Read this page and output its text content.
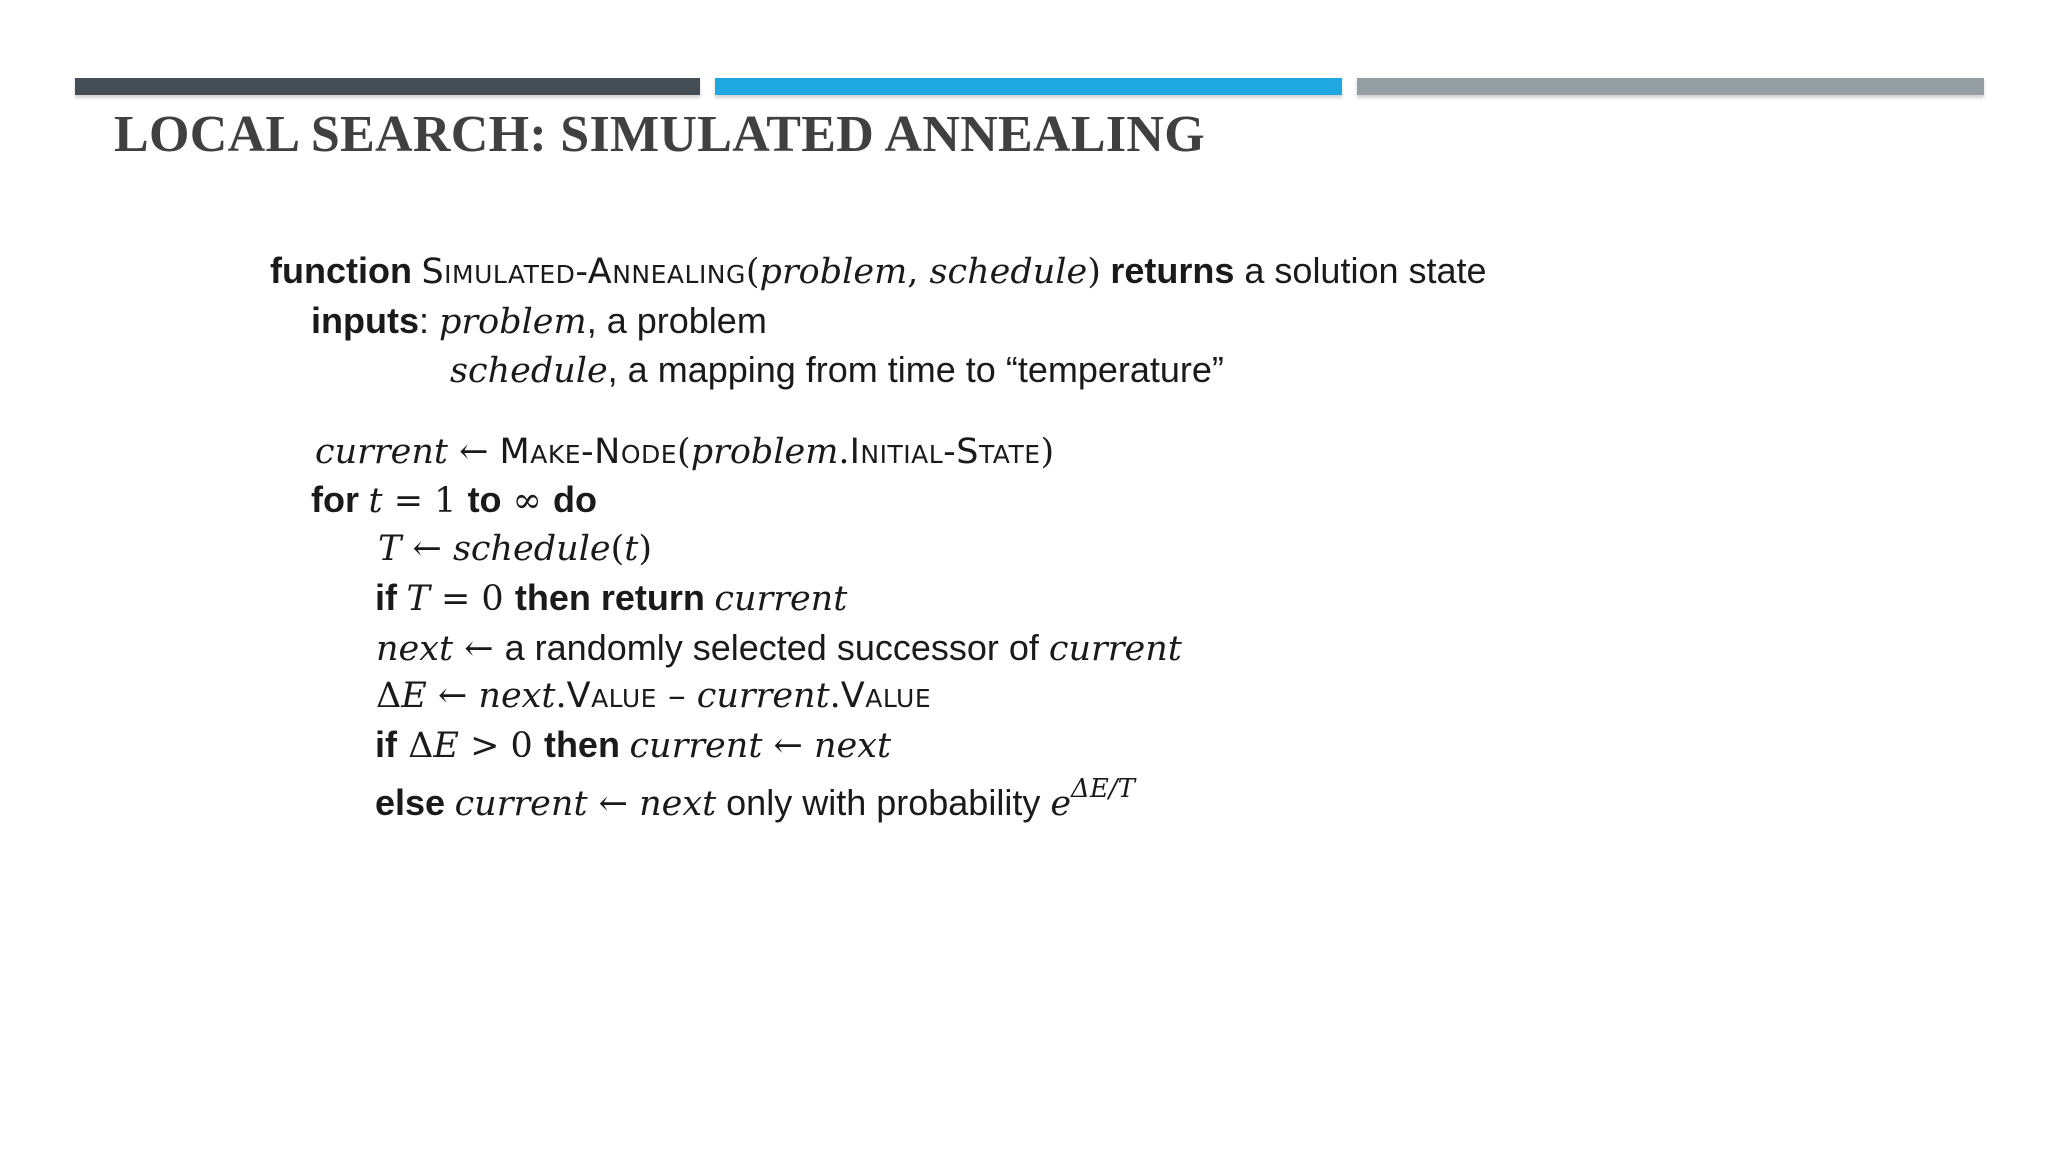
LOCAL SEARCH: SIMULATED ANNEALING
function Simulated-Annealing(problem, schedule) returns a solution state
inputs: problem, a problem
schedule, a mapping from time to “temperature”
current ← Make-Node(problem.Initial-State)
for t = 1 to ∞ do
T ← schedule(t)
if T = 0 then return current
next ← a randomly selected successor of current
ΔE ← next.Value – current.Value
if ΔE > 0 then current ← next
else current ← next only with probability $e^{\Delta E/T}$
